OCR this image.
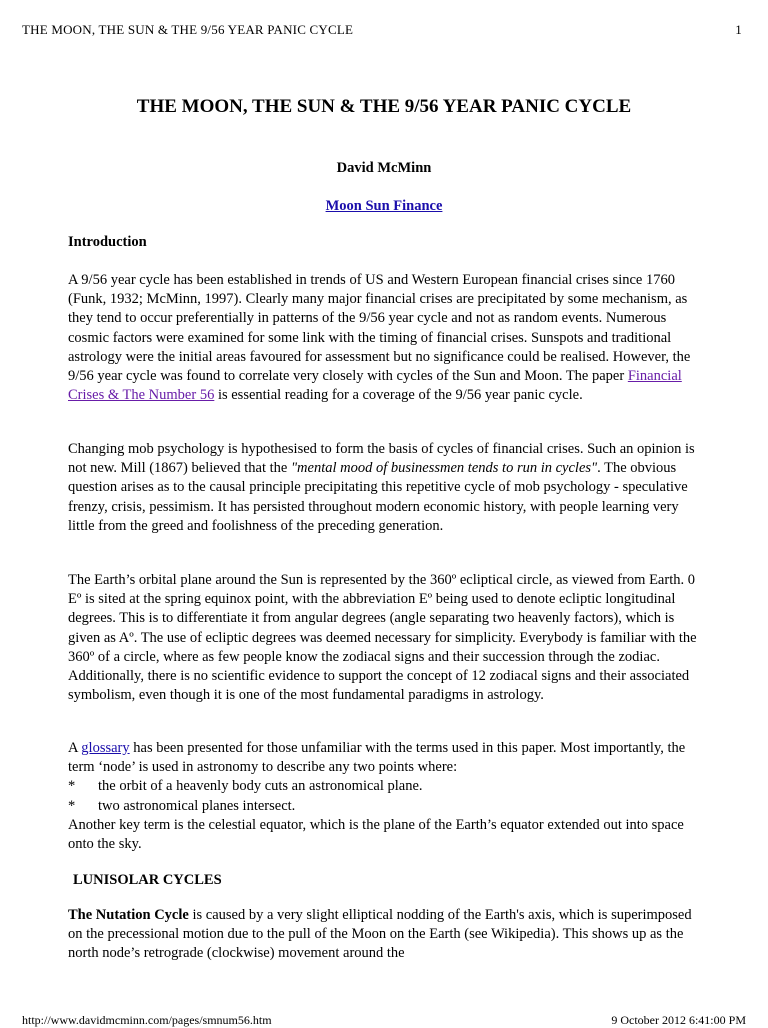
THE MOON, THE SUN & THE 9/56 YEAR PANIC CYCLE	1
THE MOON, THE SUN & THE 9/56 YEAR PANIC CYCLE
David McMinn
Moon Sun Finance
Introduction
A 9/56 year cycle has been established in trends of US and Western European financial crises since 1760 (Funk, 1932; McMinn, 1997). Clearly many major financial crises are precipitated by some mechanism, as they tend to occur preferentially in patterns of the 9/56 year cycle and not as random events. Numerous cosmic factors were examined for some link with the timing of financial crises. Sunspots and traditional astrology were the initial areas favoured for assessment but no significance could be realised. However, the 9/56 year cycle was found to correlate very closely with cycles of the Sun and Moon. The paper Financial Crises & The Number 56 is essential reading for a coverage of the 9/56 year panic cycle.
Changing mob psychology is hypothesised to form the basis of cycles of financial crises. Such an opinion is not new. Mill (1867) believed that the "mental mood of businessmen tends to run in cycles". The obvious question arises as to the causal principle precipitating this repetitive cycle of mob psychology - speculative frenzy, crisis, pessimism. It has persisted throughout modern economic history, with people learning very little from the greed and foolishness of the preceding generation.
The Earth’s orbital plane around the Sun is represented by the 360º ecliptical circle, as viewed from Earth. 0 Eº is sited at the spring equinox point, with the abbreviation Eº being used to denote ecliptic longitudinal degrees. This is to differentiate it from angular degrees (angle separating two heavenly factors), which is given as Aº. The use of ecliptic degrees was deemed necessary for simplicity. Everybody is familiar with the 360º of a circle, where as few people know the zodiacal signs and their succession through the zodiac. Additionally, there is no scientific evidence to support the concept of 12 zodiacal signs and their associated symbolism, even though it is one of the most fundamental paradigms in astrology.
A glossary has been presented for those unfamiliar with the terms used in this paper. Most importantly, the term ‘node’ is used in astronomy to describe any two points where:
* the orbit of a heavenly body cuts an astronomical plane.
* two astronomical planes intersect.
Another key term is the celestial equator, which is the plane of the Earth’s equator extended out into space onto the sky.
LUNISOLAR CYCLES
The Nutation Cycle is caused by a very slight elliptical nodding of the Earth's axis, which is superimposed on the precessional motion due to the pull of the Moon on the Earth (see Wikipedia). This shows up as the north node’s retrograde (clockwise) movement around the
http://www.davidmcminn.com/pages/smnum56.htm	9 October 2012 6:41:00 PM
